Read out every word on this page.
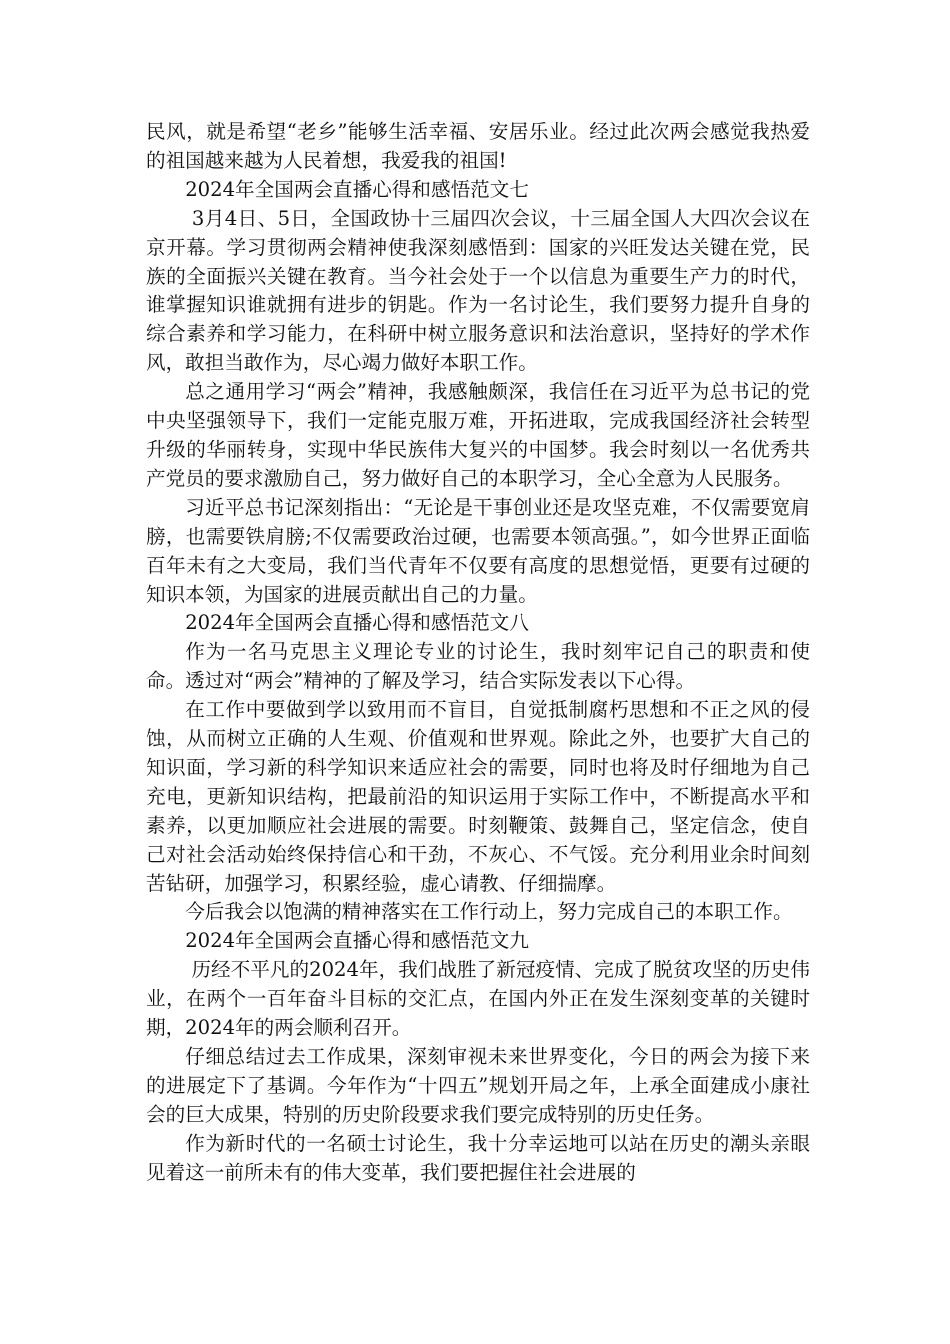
民风，就是希望“老乡”能够生活幸福、安居乐业。经过此次两会感觉我热爱的祖国越来越为人民着想，我爱我的祖国!

2024年全国两会直播心得和感悟范文七

3月4日、5日，全国政协十三届四次会议，十三届全国人大四次会议在京开幕。学习贯彻两会精神使我深刻感悟到：国家的兴旺发达关键在党，民族的全面振兴关键在教育。当今社会处于一个以信息为重要生产力的时代，谁掌握知识谁就拥有进步的钥匙。作为一名讨论生，我们要努力提升自身的综合素养和学习能力，在科研中树立服务意识和法治意识，坚持好的学术作风，敢担当敢作为，尽心竭力做好本职工作。

总之通用学习“两会”精神，我感触颇深，我信任在习近平为总书记的党中央坚强领导下，我们一定能克服万难，开拓进取，完成我国经济社会转型升级的华丽转身，实现中华民族伟大复兴的中国梦。我会时刻以一名优秀共产党员的要求激励自己，努力做好自己的本职学习，全心全意为人民服务。

习近平总书记深刻指出：“无论是干事创业还是攻坚克难，不仅需要宽肩膀，也需要铁肩膀;不仅需要政治过硬，也需要本领高强。”，如今世界正面临百年未有之大变局，我们当代青年不仅要有高度的思想觉悟，更要有过硬的知识本领，为国家的进展贡献出自己的力量。

2024年全国两会直播心得和感悟范文八

作为一名马克思主义理论专业的讨论生，我时刻牢记自己的职责和使命。透过对“两会”精神的了解及学习，结合实际发表以下心得。

在工作中要做到学以致用而不盲目，自觉抵制腐朽思想和不正之风的侵蚀，从而树立正确的人生观、价值观和世界观。除此之外，也要扩大自己的知识面，学习新的科学知识来适应社会的需要，同时也将及时仔细地为自己充电，更新知识结构，把最前沿的知识运用于实际工作中，不断提高水平和素养，以更加顺应社会进展的需要。时刻鞭策、鼓舞自己，坚定信念，使自己对社会活动始终保持信心和干劲，不灰心、不气馁。充分利用业余时间刻苦钻研，加强学习，积累经验，虚心请教、仔细揣摩。

今后我会以饱满的精神落实在工作行动上，努力完成自己的本职工作。

2024年全国两会直播心得和感悟范文九

历经不平凡的2024年，我们战胜了新冠疫情、完成了脱贫攻坚的历史伟业，在两个一百年奋斗目标的交汇点，在国内外正在发生深刻变革的关键时期，2024年的两会顺利召开。

仔细总结过去工作成果，深刻审视未来世界变化，今日的两会为接下来的进展定下了基调。今年作为“十四五”规划开局之年，上承全面建成小康社会的巨大成果，特别的历史阶段要求我们要完成特别的历史任务。

作为新时代的一名硕士讨论生，我十分幸运地可以站在历史的潮头亲眼见着这一前所未有的伟大变革，我们要把握住社会进展的
